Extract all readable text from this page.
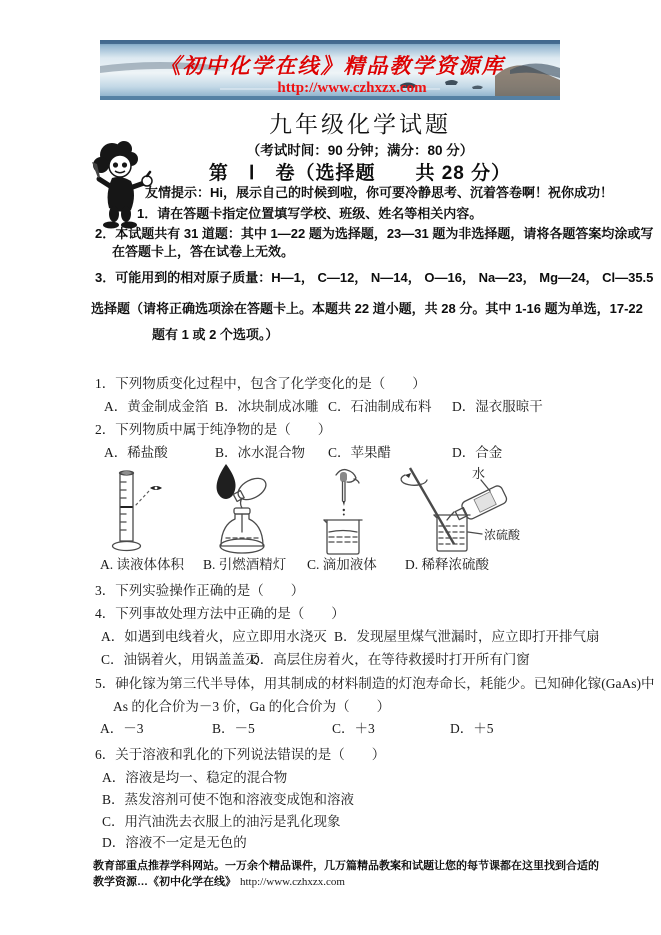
《初中化学在线》精品教学资源库
http://www.czhxzx.com
九年级化学试题
（考试时间：90 分钟；满分：80 分）
第　Ⅰ　卷（选择题　　共 28 分）
友情提示：Hi，展示自己的时候到啦，你可要冷静思考、沉着答卷啊！祝你成功！
1．请在答题卡指定位置填写学校、班级、姓名等相关内容。
2．本试题共有 31 道题：其中 1—22 题为选择题，23—31 题为非选择题，请将各题答案均涂或写
在答题卡上，答在试卷上无效。
3．可能用到的相对原子质量：H—1， C—12， N—14， O—16， Na—23， Mg—24， Cl—35.5
选择题（请将正确选项涂在答题卡上。本题共 22 道小题，共 28 分。其中 1-16 题为单选，17-22
题有 1 或 2 个选项。）
1．下列物质变化过程中，包含了化学变化的是（　　）
A．黄金制成金箔 B．冰块制成冰雕 C．石油制成布料 D．湿衣服晾干
2．下列物质中属于纯净物的是（　　）
A．稀盐酸	B．冰水混合物 C．苹果醋	D．合金
水
浓硫酸
A. 读液体体积 B. 引燃酒精灯 C. 滴加液体 D. 稀释浓硫酸
3．下列实验操作正确的是（　　）
4．下列事故处理方法中正确的是（　　）
A．如遇到电线着火，应立即用水浇灭 B．发现屋里煤气泄漏时，应立即打开排气扇
C．油锅着火，用锅盖盖灭
D．高层住房着火，在等待救援时打开所有门窗
5．砷化镓为第三代半导体，用其制成的材料制造的灯泡寿命长，耗能少。已知砷化镓(GaAs)中
As 的化合价为－3 价，Ga 的化合价为（　　）
A．－3	B．－5	C．＋3	D．＋5
6．关于溶液和乳化的下列说法错误的是（　　）
A．溶液是均一、稳定的混合物
B．蒸发溶剂可使不饱和溶液变成饱和溶液
C．用汽油洗去衣服上的油污是乳化现象
D．溶液不一定是无色的
教育部重点推荐学科网站。一万余个精品课件，几万篇精品教案和试题让您的每节课都在这里找到合适的
教学资源…《初中化学在线》 http://www.czhxzx.com
